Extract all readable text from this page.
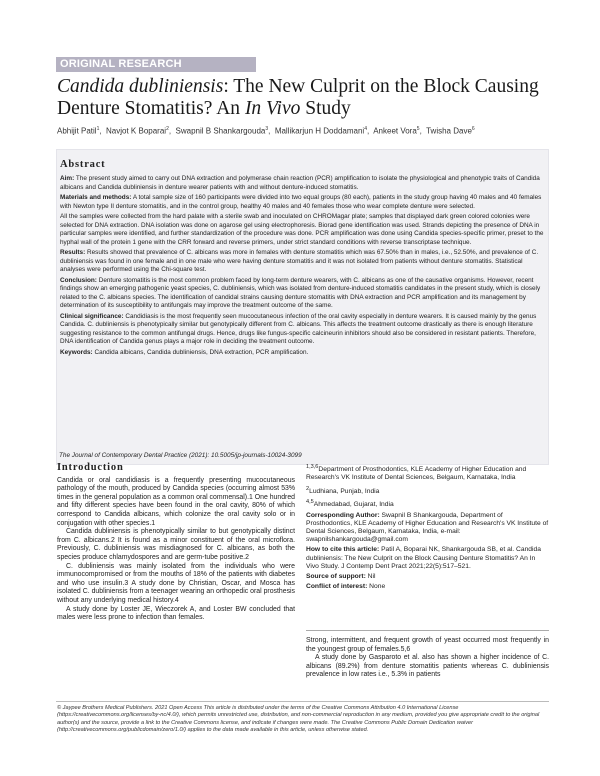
ORIGINAL RESEARCH
Candida dubliniensis: The New Culprit on the Block Causing
Denture Stomatitis? An In Vivo Study
Abhijit Patil$^1$,  Navjot K Boparai$^2$,  Swapnil B Shankargouda$^3$,  Mallikarjun H Doddamani$^4$,  Ankeet Vora$^5$,  Twisha Dave$^6$
Abstract

Aim: The present study aimed to carry out DNA extraction and polymerase chain reaction (PCR) amplification to isolate the physiological and phenotypic traits of Candida albicans and Candida dubliniensis in denture wearer patients with and without denture-induced stomatitis.

Materials and methods: A total sample size of 160 participants were divided into two equal groups (80 each), patients in the study group having 40 males and 40 females with Newton type II denture stomatitis, and in the control group, healthy 40 males and 40 females those who wear complete denture were selected.

All the samples were collected from the hard palate with a sterile swab and inoculated on CHROMagar plate; samples that displayed dark green colored colonies were selected for DNA extraction. DNA isolation was done on agarose gel using electrophoresis. Biorad gene identification was used. Strands depicting the presence of DNA in particular samples were identified, and further standardization of the procedure was done. PCR amplification was done using Candida species-specific primer, preset to the hyphal wall of the protein 1 gene with the CRR forward and reverse primers, under strict standard conditions with reverse transcriptase technique.

Results: Results showed that prevalence of C. albicans was more in females with denture stomatitis which was 67.50% than in males, i.e., 52.50%, and prevalence of C. dubliniensis was found in one female and in one male who were having denture stomatitis and it was not isolated from patients without denture stomatitis. Statistical analyses were performed using the Chi-square test.

Conclusion: Denture stomatitis is the most common problem faced by long-term denture wearers, with C. albicans as one of the causative organisms. However, recent findings show an emerging pathogenic yeast species, C. dubliniensis, which was isolated from denture-induced stomatitis candidates in the present study, which is closely related to the C. albicans species. The identification of candidal strains causing denture stomatitis with DNA extraction and PCR amplification and its management by determination of its susceptibility to antifungals may improve the treatment outcome of the same.

Clinical significance: Candidiasis is the most frequently seen mucocutaneous infection of the oral cavity especially in denture wearers. It is caused mainly by the genus Candida. C. dubliniensis is phenotypically similar but genotypically different from C. albicans. This affects the treatment outcome drastically as there is enough literature suggesting resistance to the common antifungal drugs. Hence, drugs like fungus-specific calcineurin inhibitors should also be considered in resistant patients. Therefore, DNA identification of Candida genus plays a major role in deciding the treatment outcome.

Keywords: Candida albicans, Candida dubliniensis, DNA extraction, PCR amplification.

The Journal of Contemporary Dental Practice (2021): 10.5005/jp-journals-10024-3099
Introduction

Candida or oral candidiasis is a frequently presenting mucocutaneous pathology of the mouth, produced by Candida species (occurring almost 53% times in the general population as a common oral commensal).1 One hundred and fifty different species have been found in the oral cavity, 80% of which correspond to Candida albicans, which colonize the oral cavity solo or in conjugation with other species.1

Candida dubliniensis is phenotypically similar to but genotypically distinct from C. albicans.2 It is found as a minor constituent of the oral microflora. Previously, C. dubliniensis was misdiagnosed for C. albicans, as both the species produce chlamydospores and are germ-tube positive.2

C. dubliniensis was mainly isolated from the individuals who were immunocompromised or from the mouths of 18% of the patients with diabetes and who use insulin.3 A study done by Christian, Oscar, and Mosca has isolated C. dubliniensis from a teenager wearing an orthopedic oral prosthesis without any underlying medical history.4

A study done by Loster JE, Wieczorek A, and Loster BW concluded that males were less prone to infection than females.

$^{1,3,6}$Department of Prosthodontics, KLE Academy of Higher Education and Research's VK Institute of Dental Sciences, Belgaum, Karnataka, India

$^2$Ludhiana, Punjab, India

$^{4,5}$Ahmedabad, Gujarat, India

Corresponding Author: Swapnil B Shankargouda, Department of Prosthodontics, KLE Academy of Higher Education and Research's VK Institute of Dental Sciences, Belgaum, Karnataka, India, e-mail: swapnilshankargouda@gmail.com

How to cite this article: Patil A, Boparai NK, Shankargouda SB, et al. Candida dubliniensis: The New Culprit on the Block Causing Denture Stomatitis? An In Vivo Study. J Contemp Dent Pract 2021;22(5):517–521.

Source of support: Nil

Conflict of interest: None

Strong, intermittent, and frequent growth of yeast occurred most frequently in the youngest group of females.5,6

A study done by Gasparoto et al. also has shown a higher incidence of C. albicans (89.2%) from denture stomatitis patients whereas C. dubliniensis prevalence in low rates i.e., 5.3% in patients

© Jaypee Brothers Medical Publishers. 2021 Open Access This article is distributed under the terms of the Creative Commons Attribution 4.0 International License (https://creativecommons.org/licenses/by-nc/4.0/), which permits unrestricted use, distribution, and non-commercial reproduction in any medium, provided you give appropriate credit to the original author(s) and the source, provide a link to the Creative Commons license, and indicate if changes were made. The Creative Commons Public Domain Dedication waiver (http://creativecommons.org/publicdomain/zero/1.0/) applies to the data made available in this article, unless otherwise stated.
